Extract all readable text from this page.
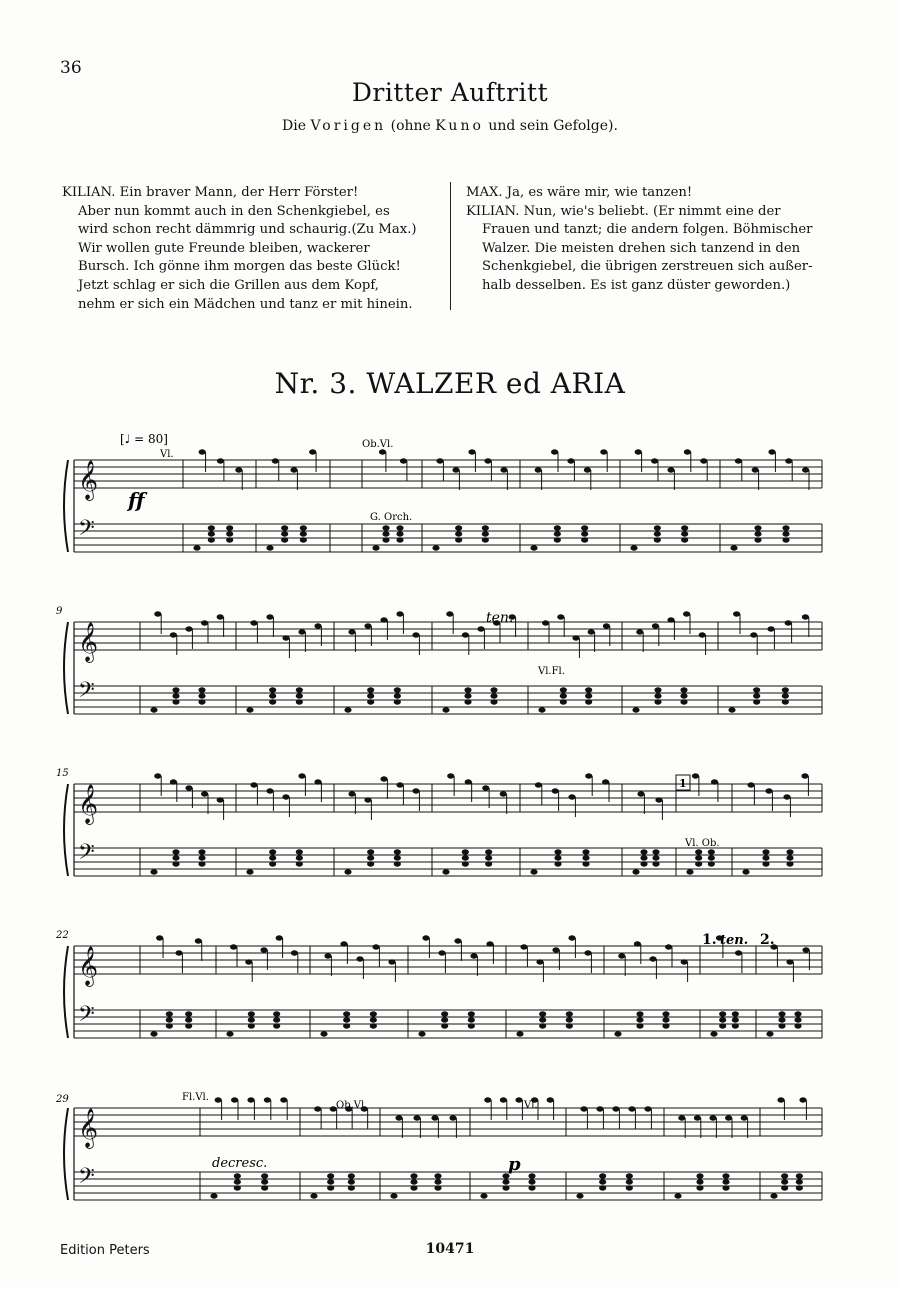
36
Dritter Auftritt
Die Vorigen (ohne Kuno und sein Gefolge).
KILIAN. Ein braver Mann, der Herr Förster!
Aber nun kommt auch in den Schenkgiebel, es
wird schon recht dämmrig und schaurig.(Zu Max.)
Wir wollen gute Freunde bleiben, wackerer
Bursch. Ich gönne ihm morgen das beste Glück!
Jetzt schlag er sich die Grillen aus dem Kopf,
nehm er sich ein Mädchen und tanz er mit hinein.
MAX. Ja, es wäre mir, wie tanzen!
KILIAN. Nun, wie's beliebt. (Er nimmt eine der
Frauen und tanzt; die andern folgen. Böhmischer
Walzer. Die meisten drehen sich tanzend in den
Schenkgiebel, die übrigen zerstreuen sich außer-
halb desselben. Es ist ganz düster geworden.)
Nr. 3. WALZER ed ARIA
𝄞
𝄢
𝄞
𝄢
𝄞
𝄢
𝄞
𝄢
𝄞
𝄢
[♩ = 80]
Vl.
ff
Ob.Vl.
G. Orch.
9	ten.
Vl.Fl.
15
1
Vl. Ob.
22	1. ten. 2.
29	Fl.Vl.
decresc.
Ob.Vl.	Vl.
p
Edition Peters	10471
